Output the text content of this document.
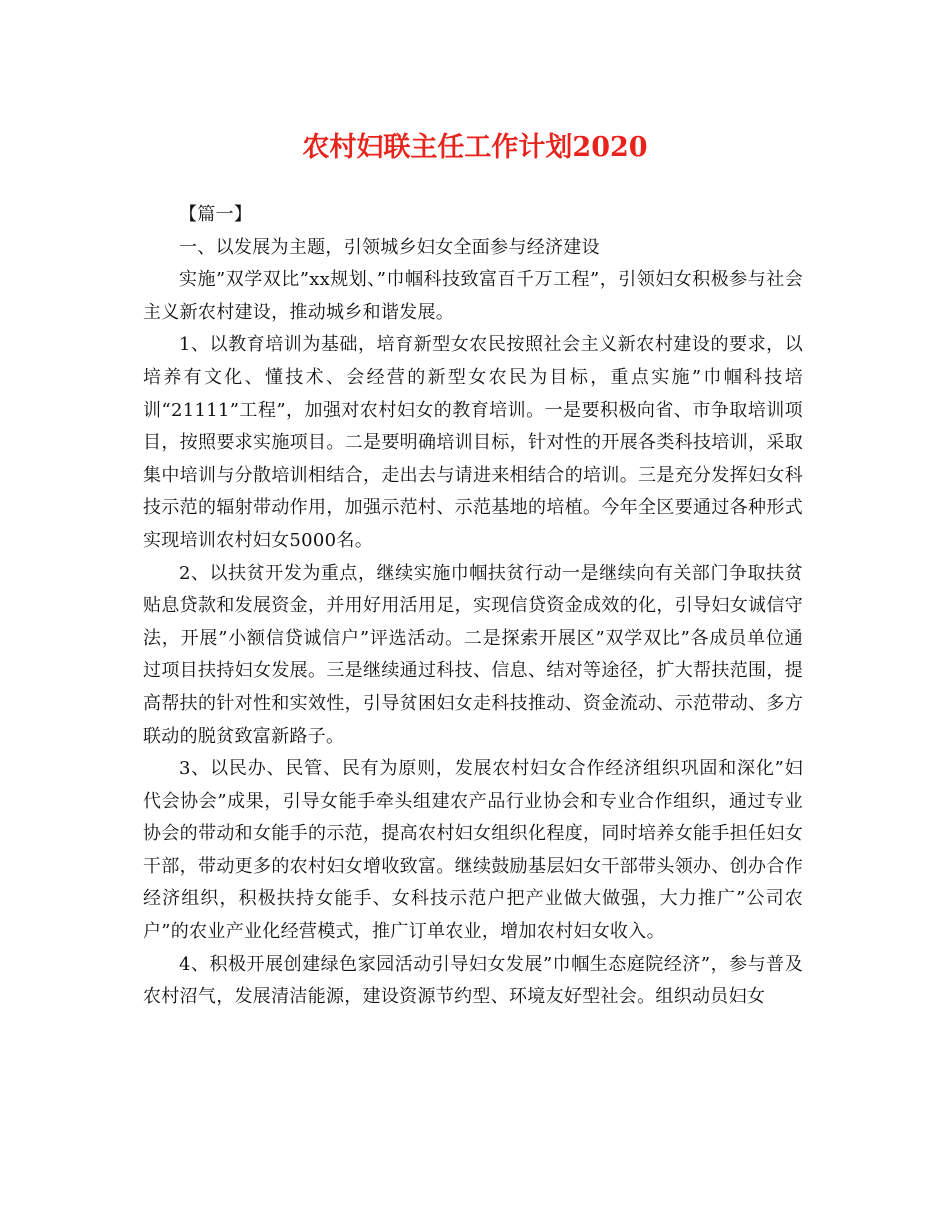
农村妇联主任工作计划2020

【篇一】

一、以发展为主题，引领城乡妇女全面参与经济建设

实施”双学双比”xx规划、”巾帼科技致富百千万工程”，引领妇女积极参与社会主义新农村建设，推动城乡和谐发展。

1、以教育培训为基础，培育新型女农民按照社会主义新农村建设的要求，以培养有文化、懂技术、会经营的新型女农民为目标，重点实施”巾帼科技培训“21111”工程”，加强对农村妇女的教育培训。一是要积极向省、市争取培训项目，按照要求实施项目。二是要明确培训目标，针对性的开展各类科技培训，采取集中培训与分散培训相结合，走出去与请进来相结合的培训。三是充分发挥妇女科技示范的辐射带动作用，加强示范村、示范基地的培植。今年全区要通过各种形式实现培训农村妇女5000名。

2、以扶贫开发为重点，继续实施巾帼扶贫行动一是继续向有关部门争取扶贫贴息贷款和发展资金，并用好用活用足，实现信贷资金成效的化，引导妇女诚信守法，开展”小额信贷诚信户”评选活动。二是探索开展区”双学双比”各成员单位通过项目扶持妇女发展。三是继续通过科技、信息、结对等途径，扩大帮扶范围，提高帮扶的针对性和实效性，引导贫困妇女走科技推动、资金流动、示范带动、多方联动的脱贫致富新路子。

3、以民办、民管、民有为原则，发展农村妇女合作经济组织巩固和深化”妇代会协会”成果，引导女能手牵头组建农产品行业协会和专业合作组织，通过专业协会的带动和女能手的示范，提高农村妇女组织化程度，同时培养女能手担任妇女干部，带动更多的农村妇女增收致富。继续鼓励基层妇女干部带头领办、创办合作经济组织，积极扶持女能手、女科技示范户把产业做大做强，大力推广”公司农户”的农业产业化经营模式，推广订单农业，增加农村妇女收入。

4、积极开展创建绿色家园活动引导妇女发展”巾帼生态庭院经济”，参与普及农村沼气，发展清洁能源，建设资源节约型、环境友好型社会。组织动员妇女
